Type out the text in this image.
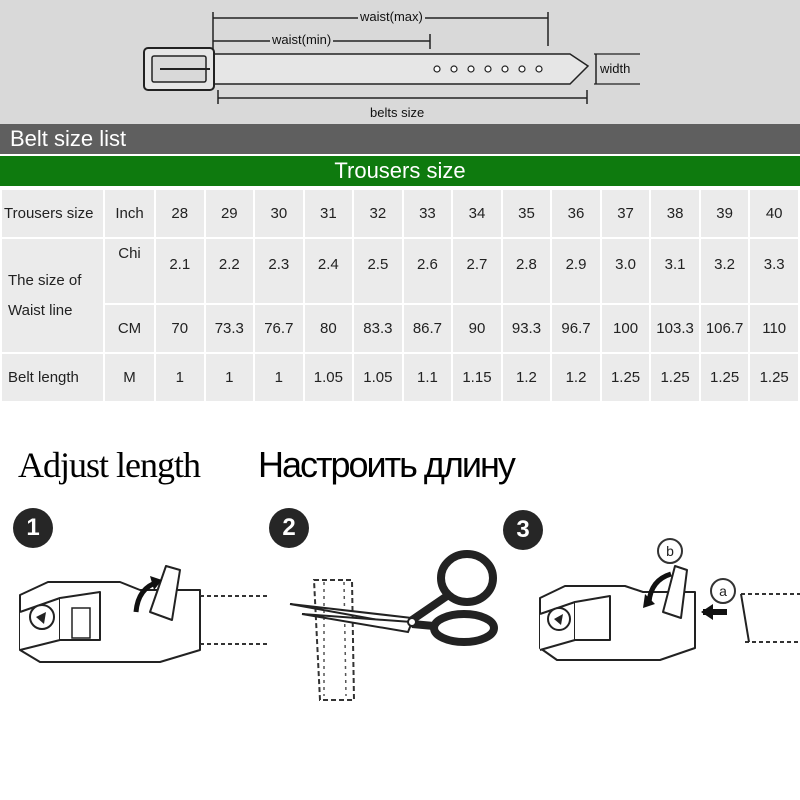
waist(max)
waist(min)
width
belts size
Belt size list
Trousers size
Trousers size	Inch	28	29	30	31	32	33	34	35	36	37	38	39	40

The size of
Waist line	Chi	2.1	2.2	2.3	2.4	2.5	2.6	2.7	2.8	2.9	3.0	3.1	3.2	3.3
	CM	70	73.3	76.7	80	83.3	86.7	90	93.3	96.7	100	103.3	106.7	110
Belt length	M	1	1	1	1.05	1.05	1.1	1.15	1.2	1.2	1.25	1.25	1.25	1.25
Adjust length Настроить длину
1	2	3
b
a
